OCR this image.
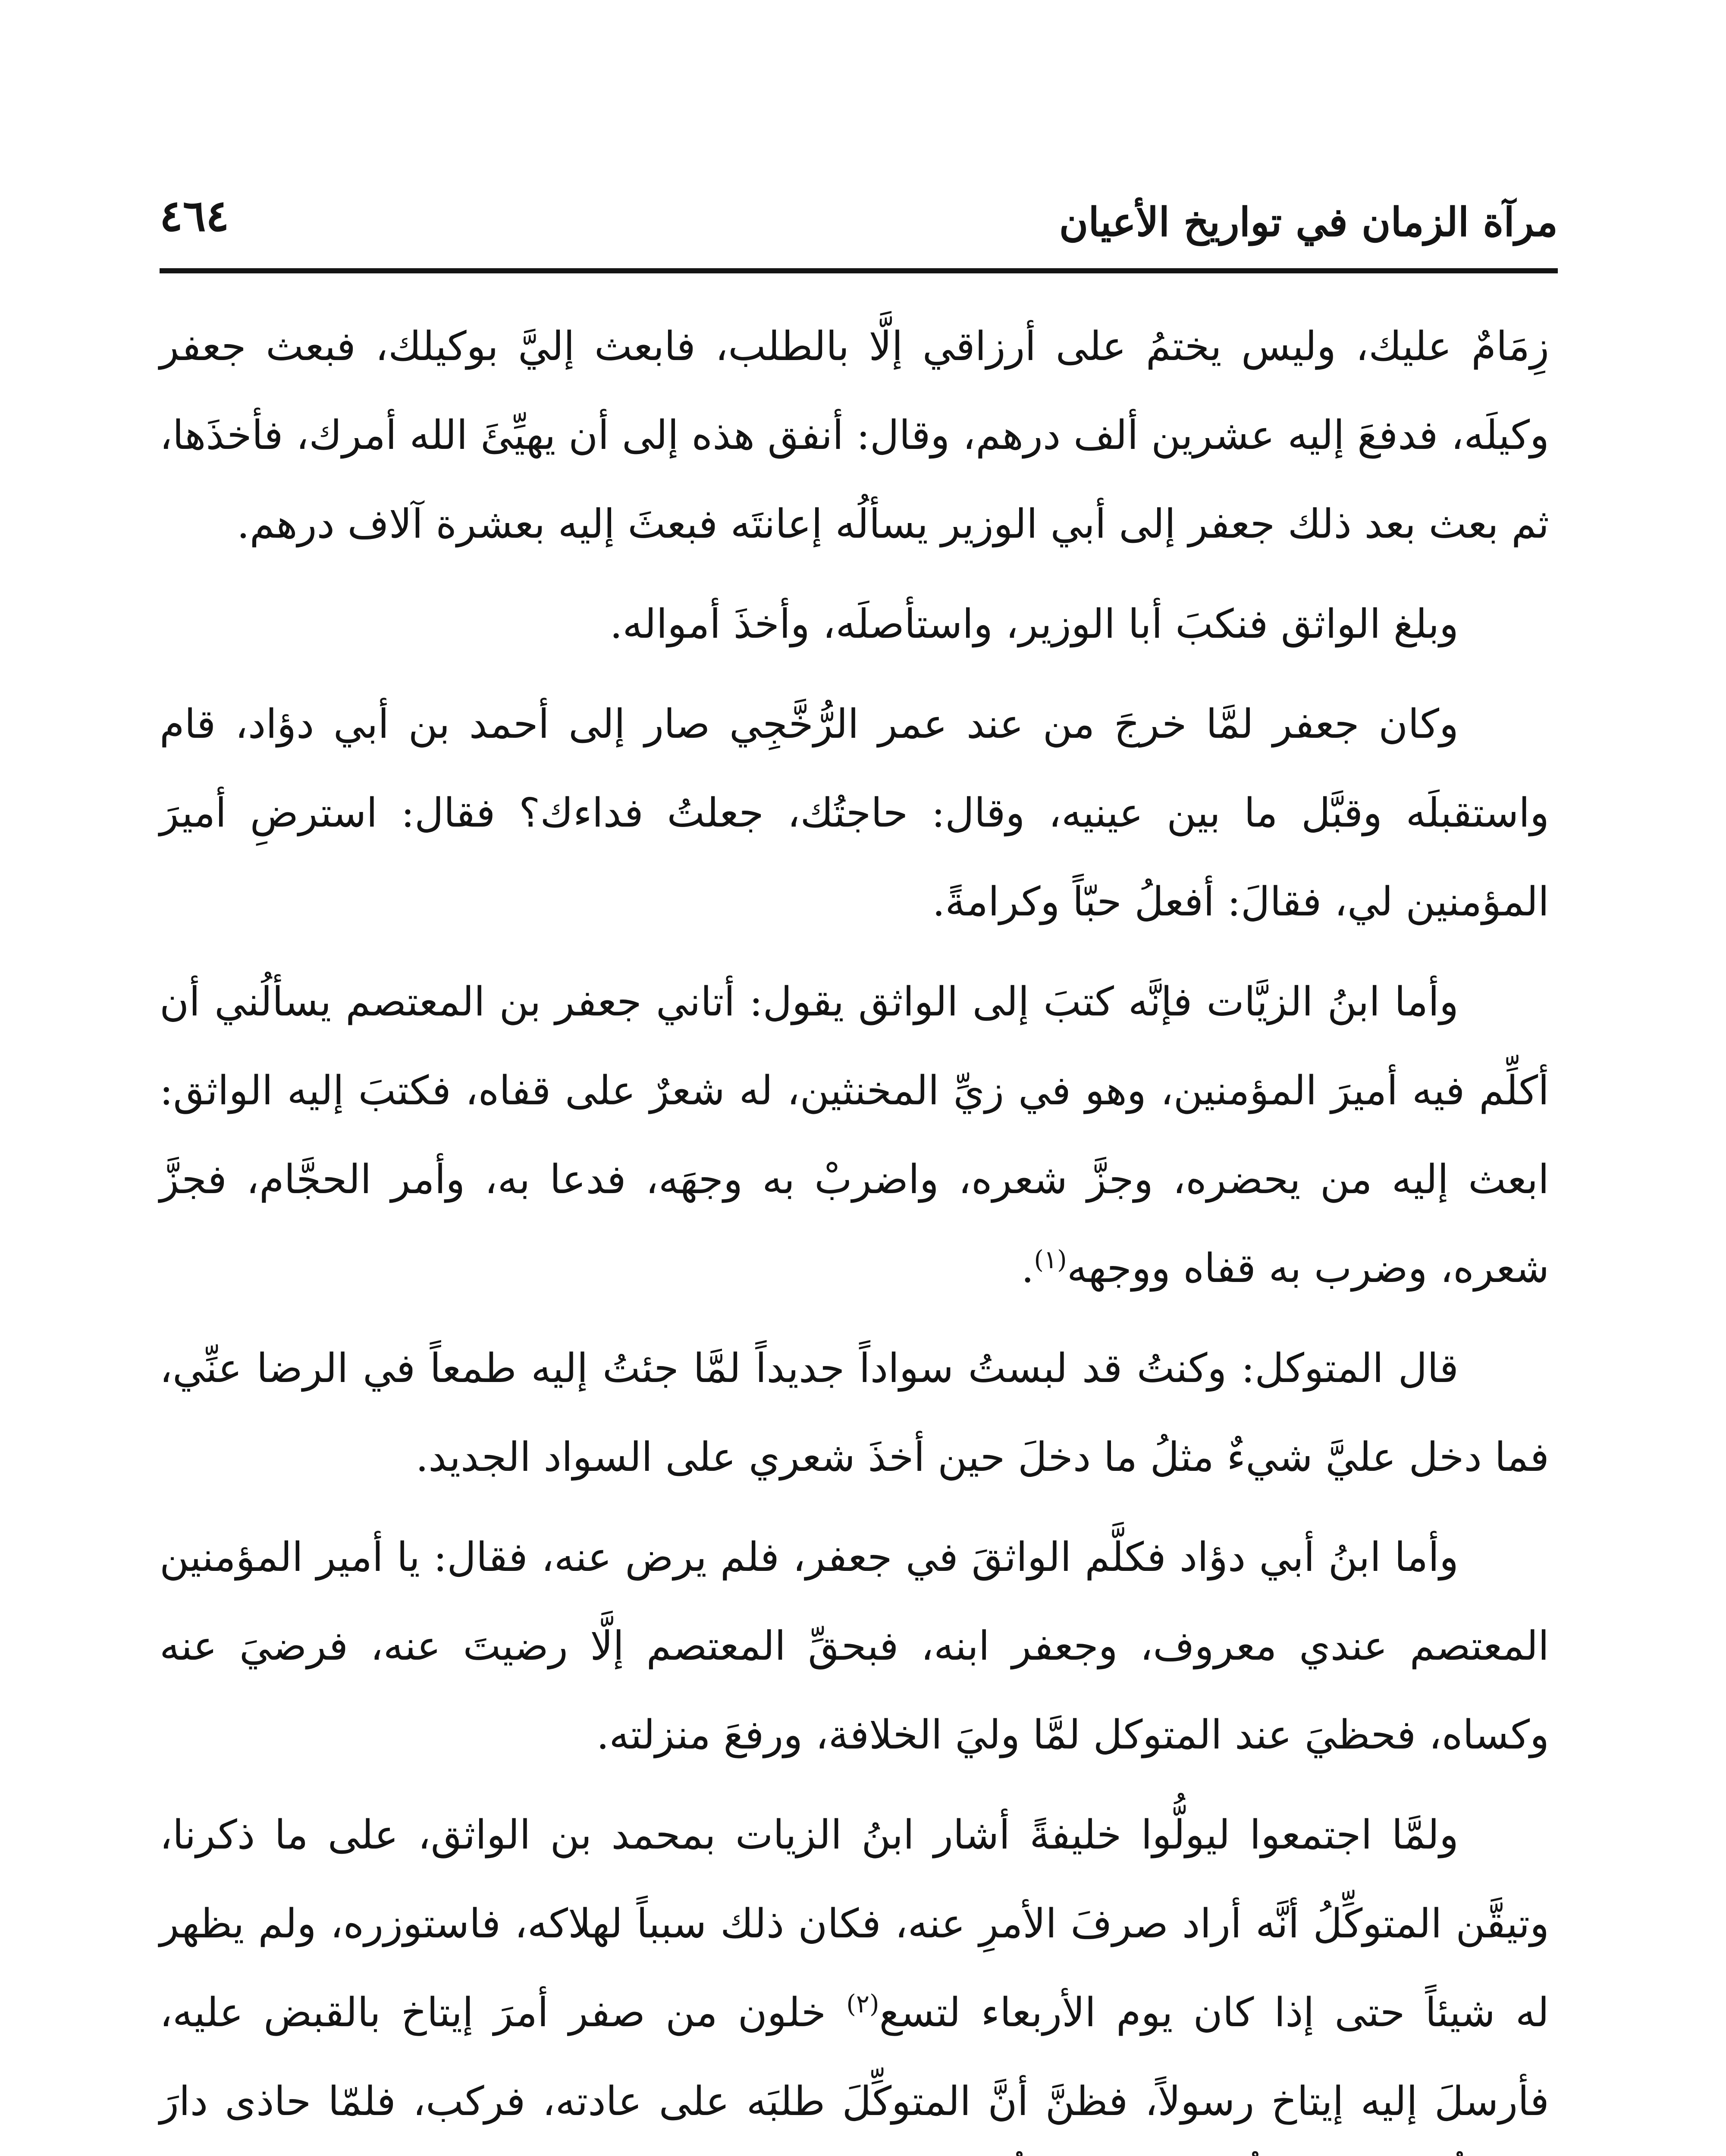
مرآة الزمان في تواريخ الأعيان
٤٦٤

زِمَامٌ عليك، وليس يختمُ على أرزاقي إلَّا بالطلب، فابعث إليَّ بوكيلك، فبعث جعفر وكيلَه، فدفعَ إليه عشرين ألف درهم، وقال: أنفق هذه إلى أن يهيِّئَ الله أمرك، فأخذَها، ثم بعث بعد ذلك جعفر إلى أبي الوزير يسألُه إعانتَه فبعثَ إليه بعشرة آلاف درهم.

وبلغ الواثق فنكبَ أبا الوزير، واستأصلَه، وأخذَ أمواله.

وكان جعفر لمَّا خرجَ من عند عمر الرُّخَّجِي صار إلى أحمد بن أبي دؤاد، قام واستقبلَه وقبَّل ما بين عينيه، وقال: حاجتُك، جعلتُ فداءك؟ فقال: استرضِ أميرَ المؤمنين لي، فقالَ: أفعلُ حبّاً وكرامةً.

وأما ابنُ الزيَّات فإنَّه كتبَ إلى الواثق يقول: أتاني جعفر بن المعتصم يسألُني أن أكلِّم فيه أميرَ المؤمنين، وهو في زيِّ المخنثين، له شعرٌ على قفاه، فكتبَ إليه الواثق: ابعث إليه من يحضره، وجزَّ شعره، واضربْ به وجهَه، فدعا به، وأمر الحجَّام، فجزَّ شعره، وضرب به قفاه ووجهه$^{(١)}$.

قال المتوكل: وكنتُ قد لبستُ سواداً جديداً لمَّا جئتُ إليه طمعاً في الرضا عنِّي، فما دخل عليَّ شيءٌ مثلُ ما دخلَ حين أخذَ شعري على السواد الجديد.

وأما ابنُ أبي دؤاد فكلَّم الواثقَ في جعفر، فلم يرض عنه، فقال: يا أمير المؤمنين المعتصم عندي معروف، وجعفر ابنه، فبحقِّ المعتصم إلَّا رضيتَ عنه، فرضيَ عنه وكساه، فحظيَ عند المتوكل لمَّا وليَ الخلافة، ورفعَ منزلته.

ولمَّا اجتمعوا ليولُّوا خليفةً أشار ابنُ الزيات بمحمد بن الواثق، على ما ذكرنا، وتيقَّن المتوكِّلُ أنَّه أراد صرفَ الأمرِ عنه، فكان ذلك سبباً لهلاكه، فاستوزره، ولم يظهر له شيئاً حتى إذا كان يوم الأربعاء لتسع$^{(٢)}$ خلون من صفر أمرَ إيتاخ بالقبض عليه، فأرسلَ إليه إيتاخ رسولاً، فظنَّ أنَّ المتوكِّلَ طلبَه على عادته، فركب، فلمّا حاذى دارَ
